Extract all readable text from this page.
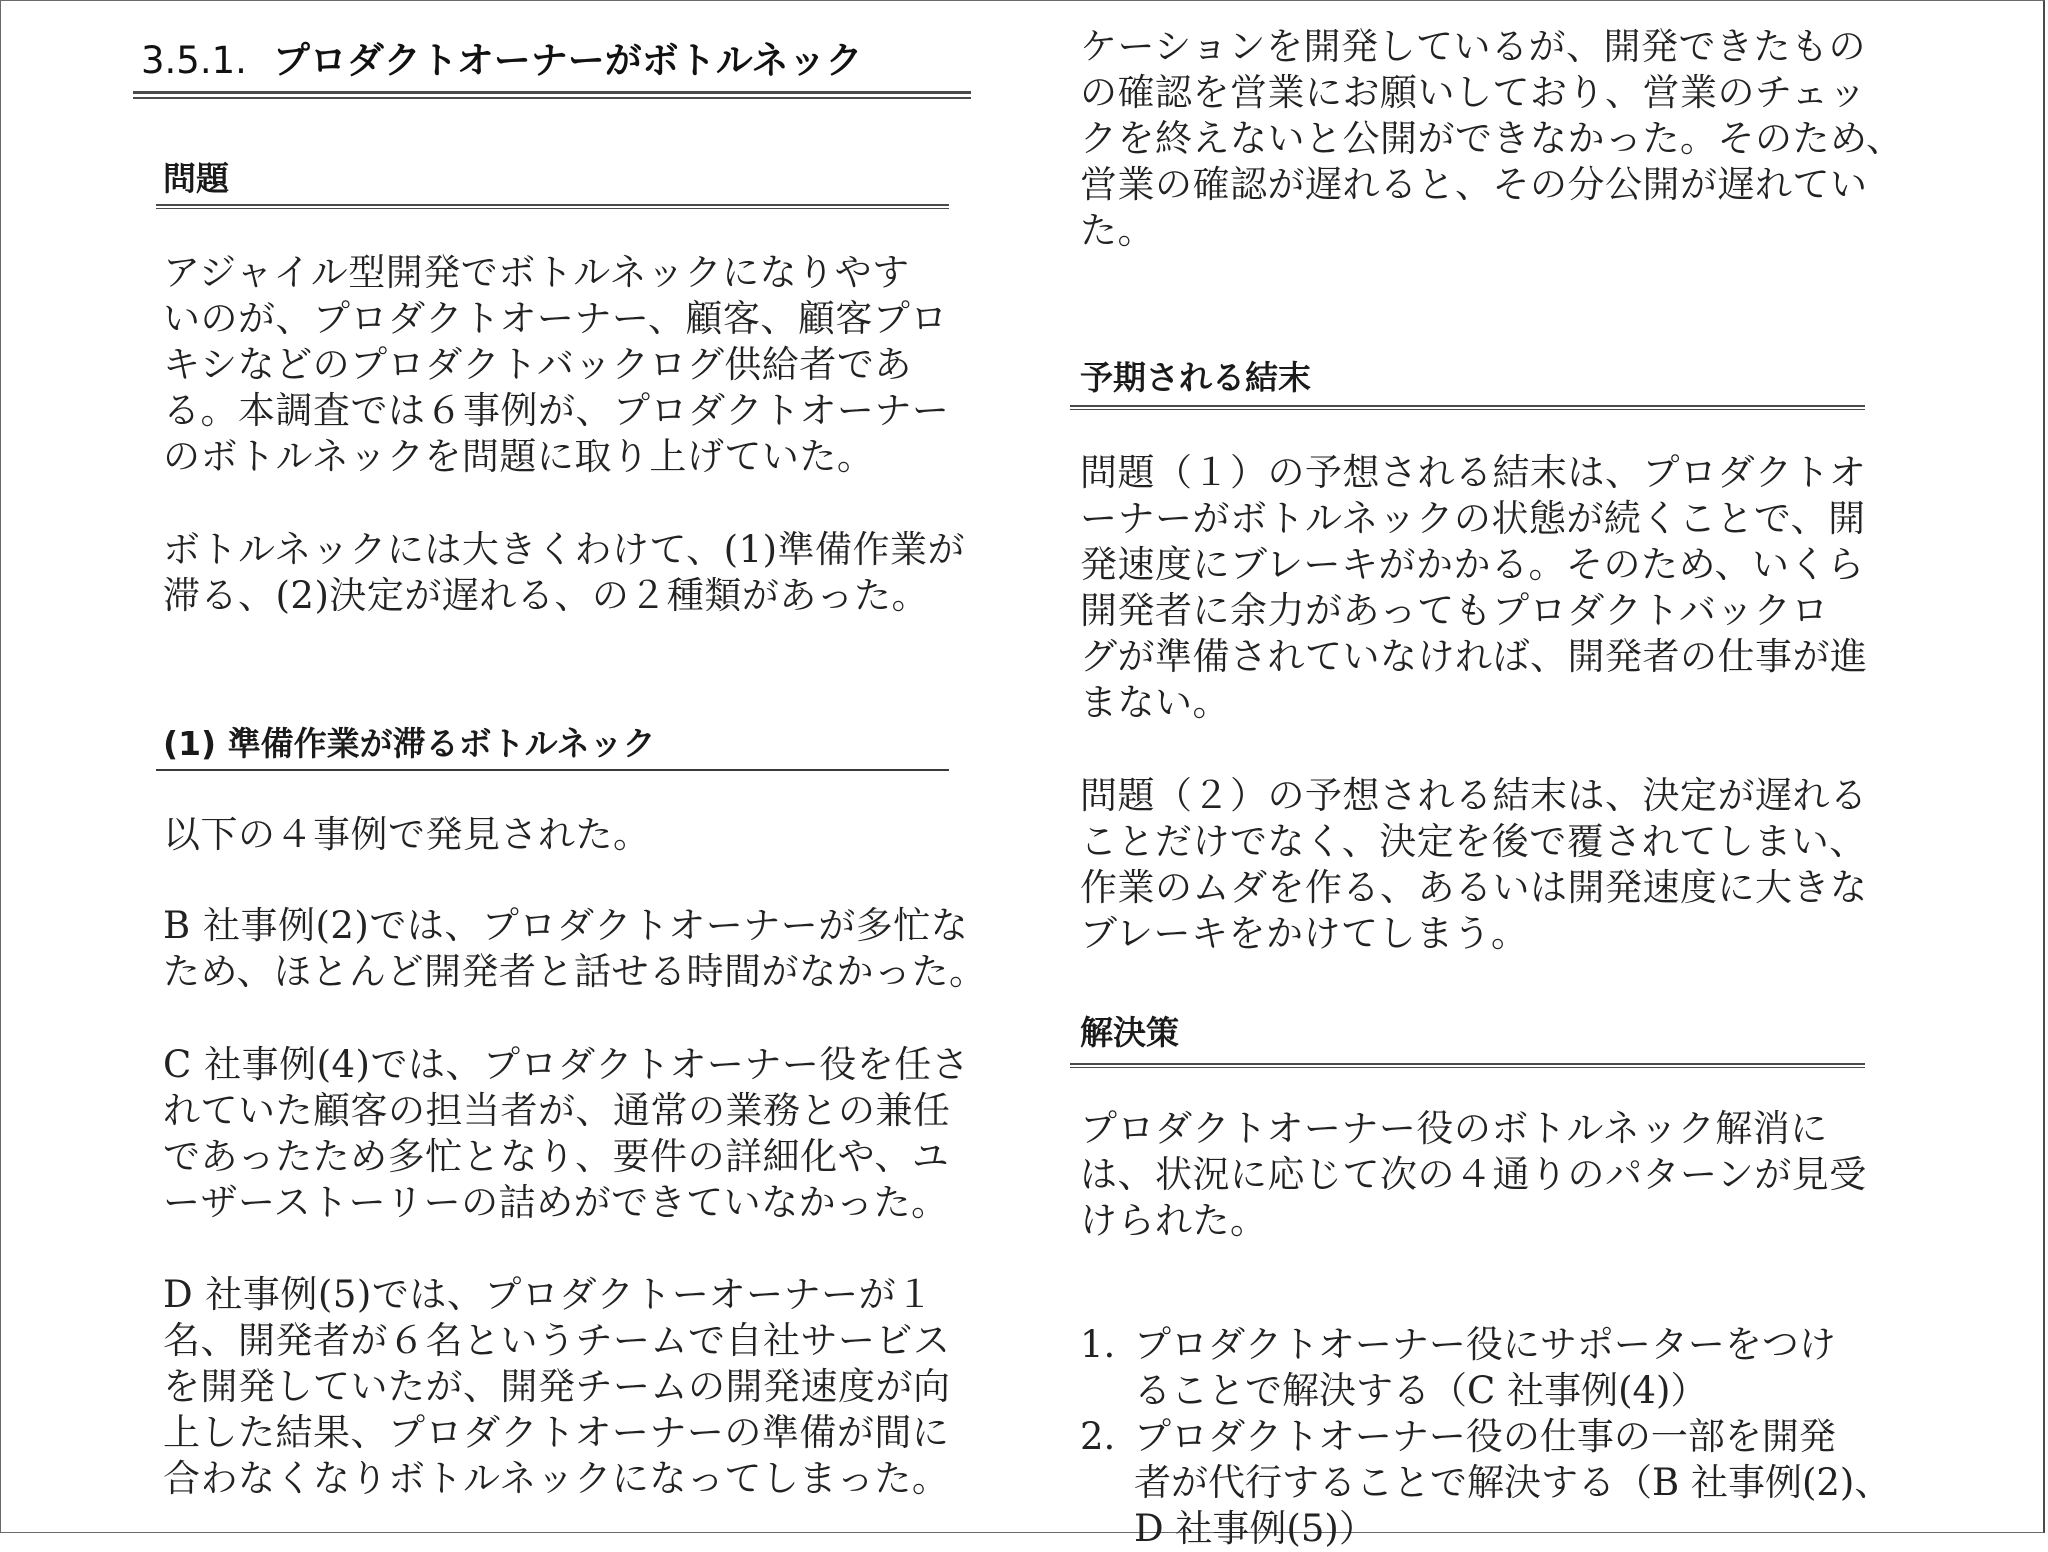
3.5.1. プロダクトオーナーがボトルネック
問題
アジャイル型開発でボトルネックになりやす
いのが、プロダクトオーナー、顧客、顧客プロ
キシなどのプロダクトバックログ供給者であ
る。本調査では６事例が、プロダクトオーナー
のボトルネックを問題に取り上げていた。
ボトルネックには大きくわけて、(1)準備作業が
滞る、(2)決定が遅れる、の２種類があった。
(1) 準備作業が滞るボトルネック
以下の４事例で発見された。
B 社事例(2)では、プロダクトオーナーが多忙な
ため、ほとんど開発者と話せる時間がなかった。
C 社事例(4)では、プロダクトオーナー役を任さ
れていた顧客の担当者が、通常の業務との兼任
であったため多忙となり、要件の詳細化や、ユ
ーザーストーリーの詰めができていなかった。
D 社事例(5)では、プロダクトーオーナーが１
名、開発者が６名というチームで自社サービス
を開発していたが、開発チームの開発速度が向
上した結果、プロダクトオーナーの準備が間に
合わなくなりボトルネックになってしまった。
ケーションを開発しているが、開発できたもの
の確認を営業にお願いしており、営業のチェッ
クを終えないと公開ができなかった。そのため、
営業の確認が遅れると、その分公開が遅れてい
た。
予期される結末
問題（１）の予想される結末は、プロダクトオ
ーナーがボトルネックの状態が続くことで、開
発速度にブレーキがかかる。そのため、いくら
開発者に余力があってもプロダクトバックロ
グが準備されていなければ、開発者の仕事が進
まない。
問題（２）の予想される結末は、決定が遅れる
ことだけでなく、決定を後で覆されてしまい、
作業のムダを作る、あるいは開発速度に大きな
ブレーキをかけてしまう。
解決策
プロダクトオーナー役のボトルネック解消に
は、状況に応じて次の４通りのパターンが見受
けられた。
1. プロダクトオーナー役にサポーターをつけ
ることで解決する（C 社事例(4)）
2. プロダクトオーナー役の仕事の一部を開発
者が代行することで解決する（B 社事例(2)、
D 社事例(5)）
